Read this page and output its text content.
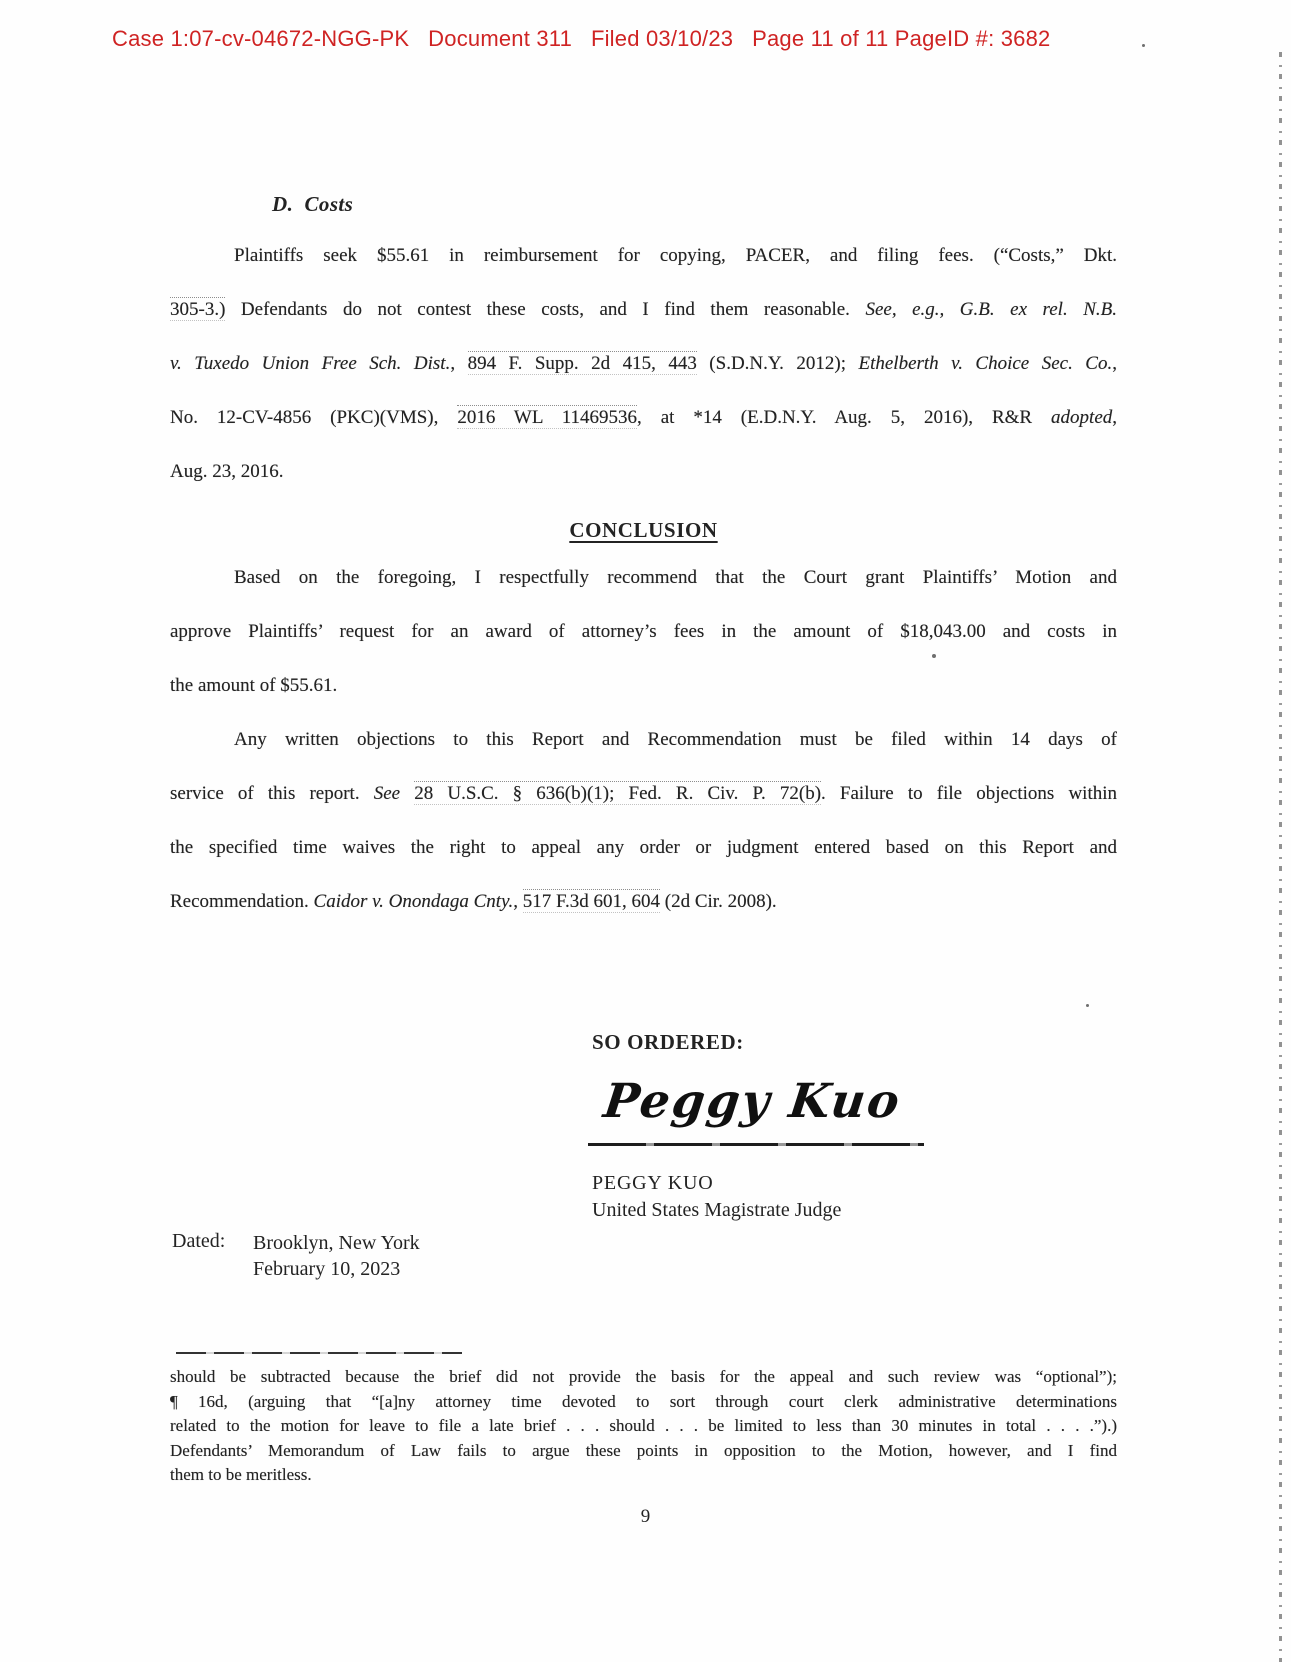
Case 1:07-cv-04672-NGG-PK   Document 311   Filed 03/10/23   Page 11 of 11 PageID #: 3682
D.  Costs
Plaintiffs seek $55.61 in reimbursement for copying, PACER, and filing fees. (“Costs,” Dkt.
305-3.) Defendants do not contest these costs, and I find them reasonable. See, e.g., G.B. ex rel. N.B.
v. Tuxedo Union Free Sch. Dist., 894 F. Supp. 2d 415, 443 (S.D.N.Y. 2012); Ethelberth v. Choice Sec. Co.,
No. 12-CV-4856 (PKC)(VMS), 2016 WL 11469536, at *14 (E.D.N.Y. Aug. 5, 2016), R&R adopted,
Aug. 23, 2016.
CONCLUSION
Based on the foregoing, I respectfully recommend that the Court grant Plaintiffs’ Motion and
approve Plaintiffs’ request for an award of attorney’s fees in the amount of $18,043.00 and costs in
the amount of $55.61.
Any written objections to this Report and Recommendation must be filed within 14 days of
service of this report. See 28 U.S.C. § 636(b)(1); Fed. R. Civ. P. 72(b). Failure to file objections within
the specified time waives the right to appeal any order or judgment entered based on this Report and
Recommendation. Caidor v. Onondaga Cnty., 517 F.3d 601, 604 (2d Cir. 2008).
SO ORDERED:
Peggy Kuo
PEGGY KUO
United States Magistrate Judge
Dated:	Brooklyn, New York
February 10, 2023
should be subtracted because the brief did not provide the basis for the appeal and such review was “optional”);
¶ 16d, (arguing that “[a]ny attorney time devoted to sort through court clerk administrative determinations
related to the motion for leave to file a late brief . . . should . . . be limited to less than 30 minutes in total . . . .”).)
Defendants’ Memorandum of Law fails to argue these points in opposition to the Motion, however, and I find
them to be meritless.
9
